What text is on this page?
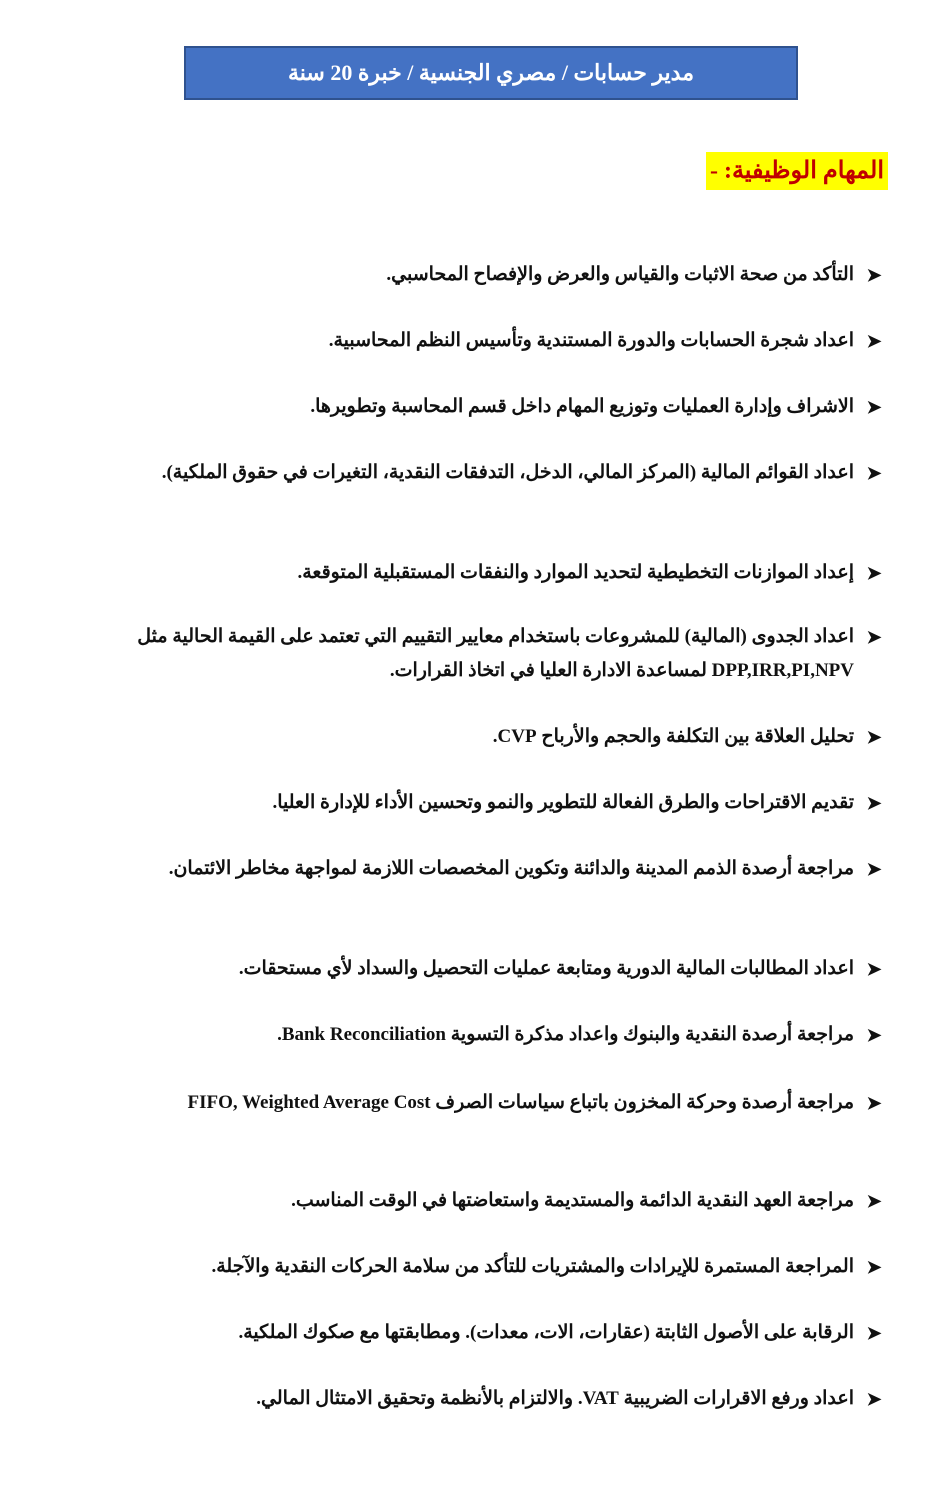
مدير حسابات / مصري الجنسية / خبرة 20 سنة
المهام الوظيفية: -
➤
التأكد من صحة الاثبات والقياس والعرض والإفصاح المحاسبي.
➤
اعداد شجرة الحسابات والدورة المستندية وتأسيس النظم المحاسبية.
➤
الاشراف وإدارة العمليات وتوزيع المهام داخل قسم المحاسبة وتطويرها.
➤
اعداد القوائم المالية (المركز المالي، الدخل، التدفقات النقدية، التغيرات في حقوق الملكية).
➤
إعداد الموازنات التخطيطية لتحديد الموارد والنفقات المستقبلية المتوقعة.
➤
اعداد الجدوى (المالية) للمشروعات باستخدام معايير التقييم التي تعتمد على القيمة الحالية مثل DPP,IRR,PI,NPV لمساعدة الادارة العليا في اتخاذ القرارات.
➤
تحليل العلاقة بين التكلفة والحجم والأرباح CVP.
➤
تقديم الاقتراحات والطرق الفعالة للتطوير والنمو وتحسين الأداء للإدارة العليا.
➤
مراجعة أرصدة الذمم المدينة والدائنة وتكوين المخصصات اللازمة لمواجهة مخاطر الائتمان.
➤
اعداد المطالبات المالية الدورية ومتابعة عمليات التحصيل والسداد لأي مستحقات.
➤
مراجعة أرصدة النقدية والبنوك واعداد مذكرة التسوية Bank Reconciliation.
➤
مراجعة أرصدة وحركة المخزون باتباع سياسات الصرف FIFO, Weighted Average Cost
➤
مراجعة العهد النقدية الدائمة والمستديمة واستعاضتها في الوقت المناسب.
➤
المراجعة المستمرة للإيرادات والمشتريات للتأكد من سلامة الحركات النقدية والآجلة.
➤
الرقابة على الأصول الثابتة (عقارات، الات، معدات). ومطابقتها مع صكوك الملكية.
➤
اعداد ورفع الاقرارات الضريبية VAT. والالتزام بالأنظمة وتحقيق الامتثال المالي.
